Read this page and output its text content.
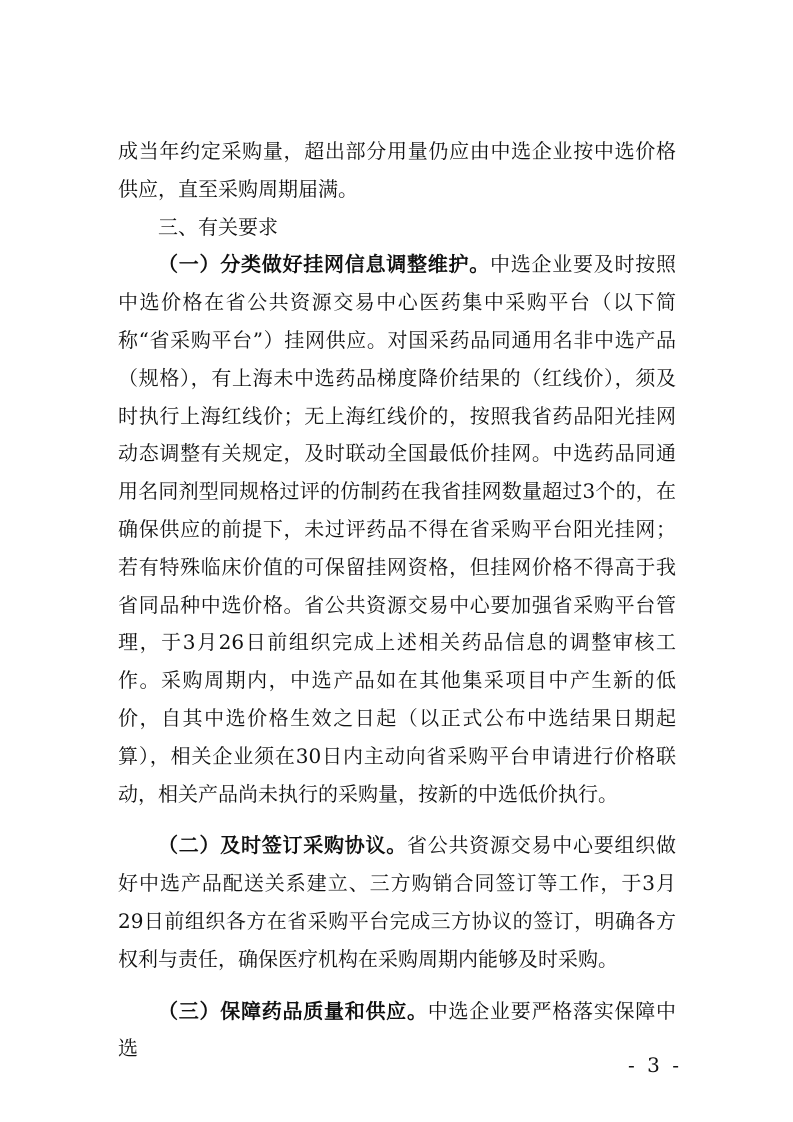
成当年约定采购量，超出部分用量仍应由中选企业按中选价格供应，直至采购周期届满。

三、有关要求

（一）分类做好挂网信息调整维护。中选企业要及时按照中选价格在省公共资源交易中心医药集中采购平台（以下简称“省采购平台”）挂网供应。对国采药品同通用名非中选产品（规格），有上海未中选药品梯度降价结果的（红线价），须及时执行上海红线价；无上海红线价的，按照我省药品阳光挂网动态调整有关规定，及时联动全国最低价挂网。中选药品同通用名同剂型同规格过评的仿制药在我省挂网数量超过3个的，在确保供应的前提下，未过评药品不得在省采购平台阳光挂网；若有特殊临床价值的可保留挂网资格，但挂网价格不得高于我省同品种中选价格。省公共资源交易中心要加强省采购平台管理，于3月26日前组织完成上述相关药品信息的调整审核工作。采购周期内，中选产品如在其他集采项目中产生新的低价，自其中选价格生效之日起（以正式公布中选结果日期起算），相关企业须在30日内主动向省采购平台申请进行价格联动，相关产品尚未执行的采购量，按新的中选低价执行。

（二）及时签订采购协议。省公共资源交易中心要组织做好中选产品配送关系建立、三方购销合同签订等工作，于3月29日前组织各方在省采购平台完成三方协议的签订，明确各方权利与责任，确保医疗机构在采购周期内能够及时采购。

（三）保障药品质量和供应。中选企业要严格落实保障中选

- 3 -
